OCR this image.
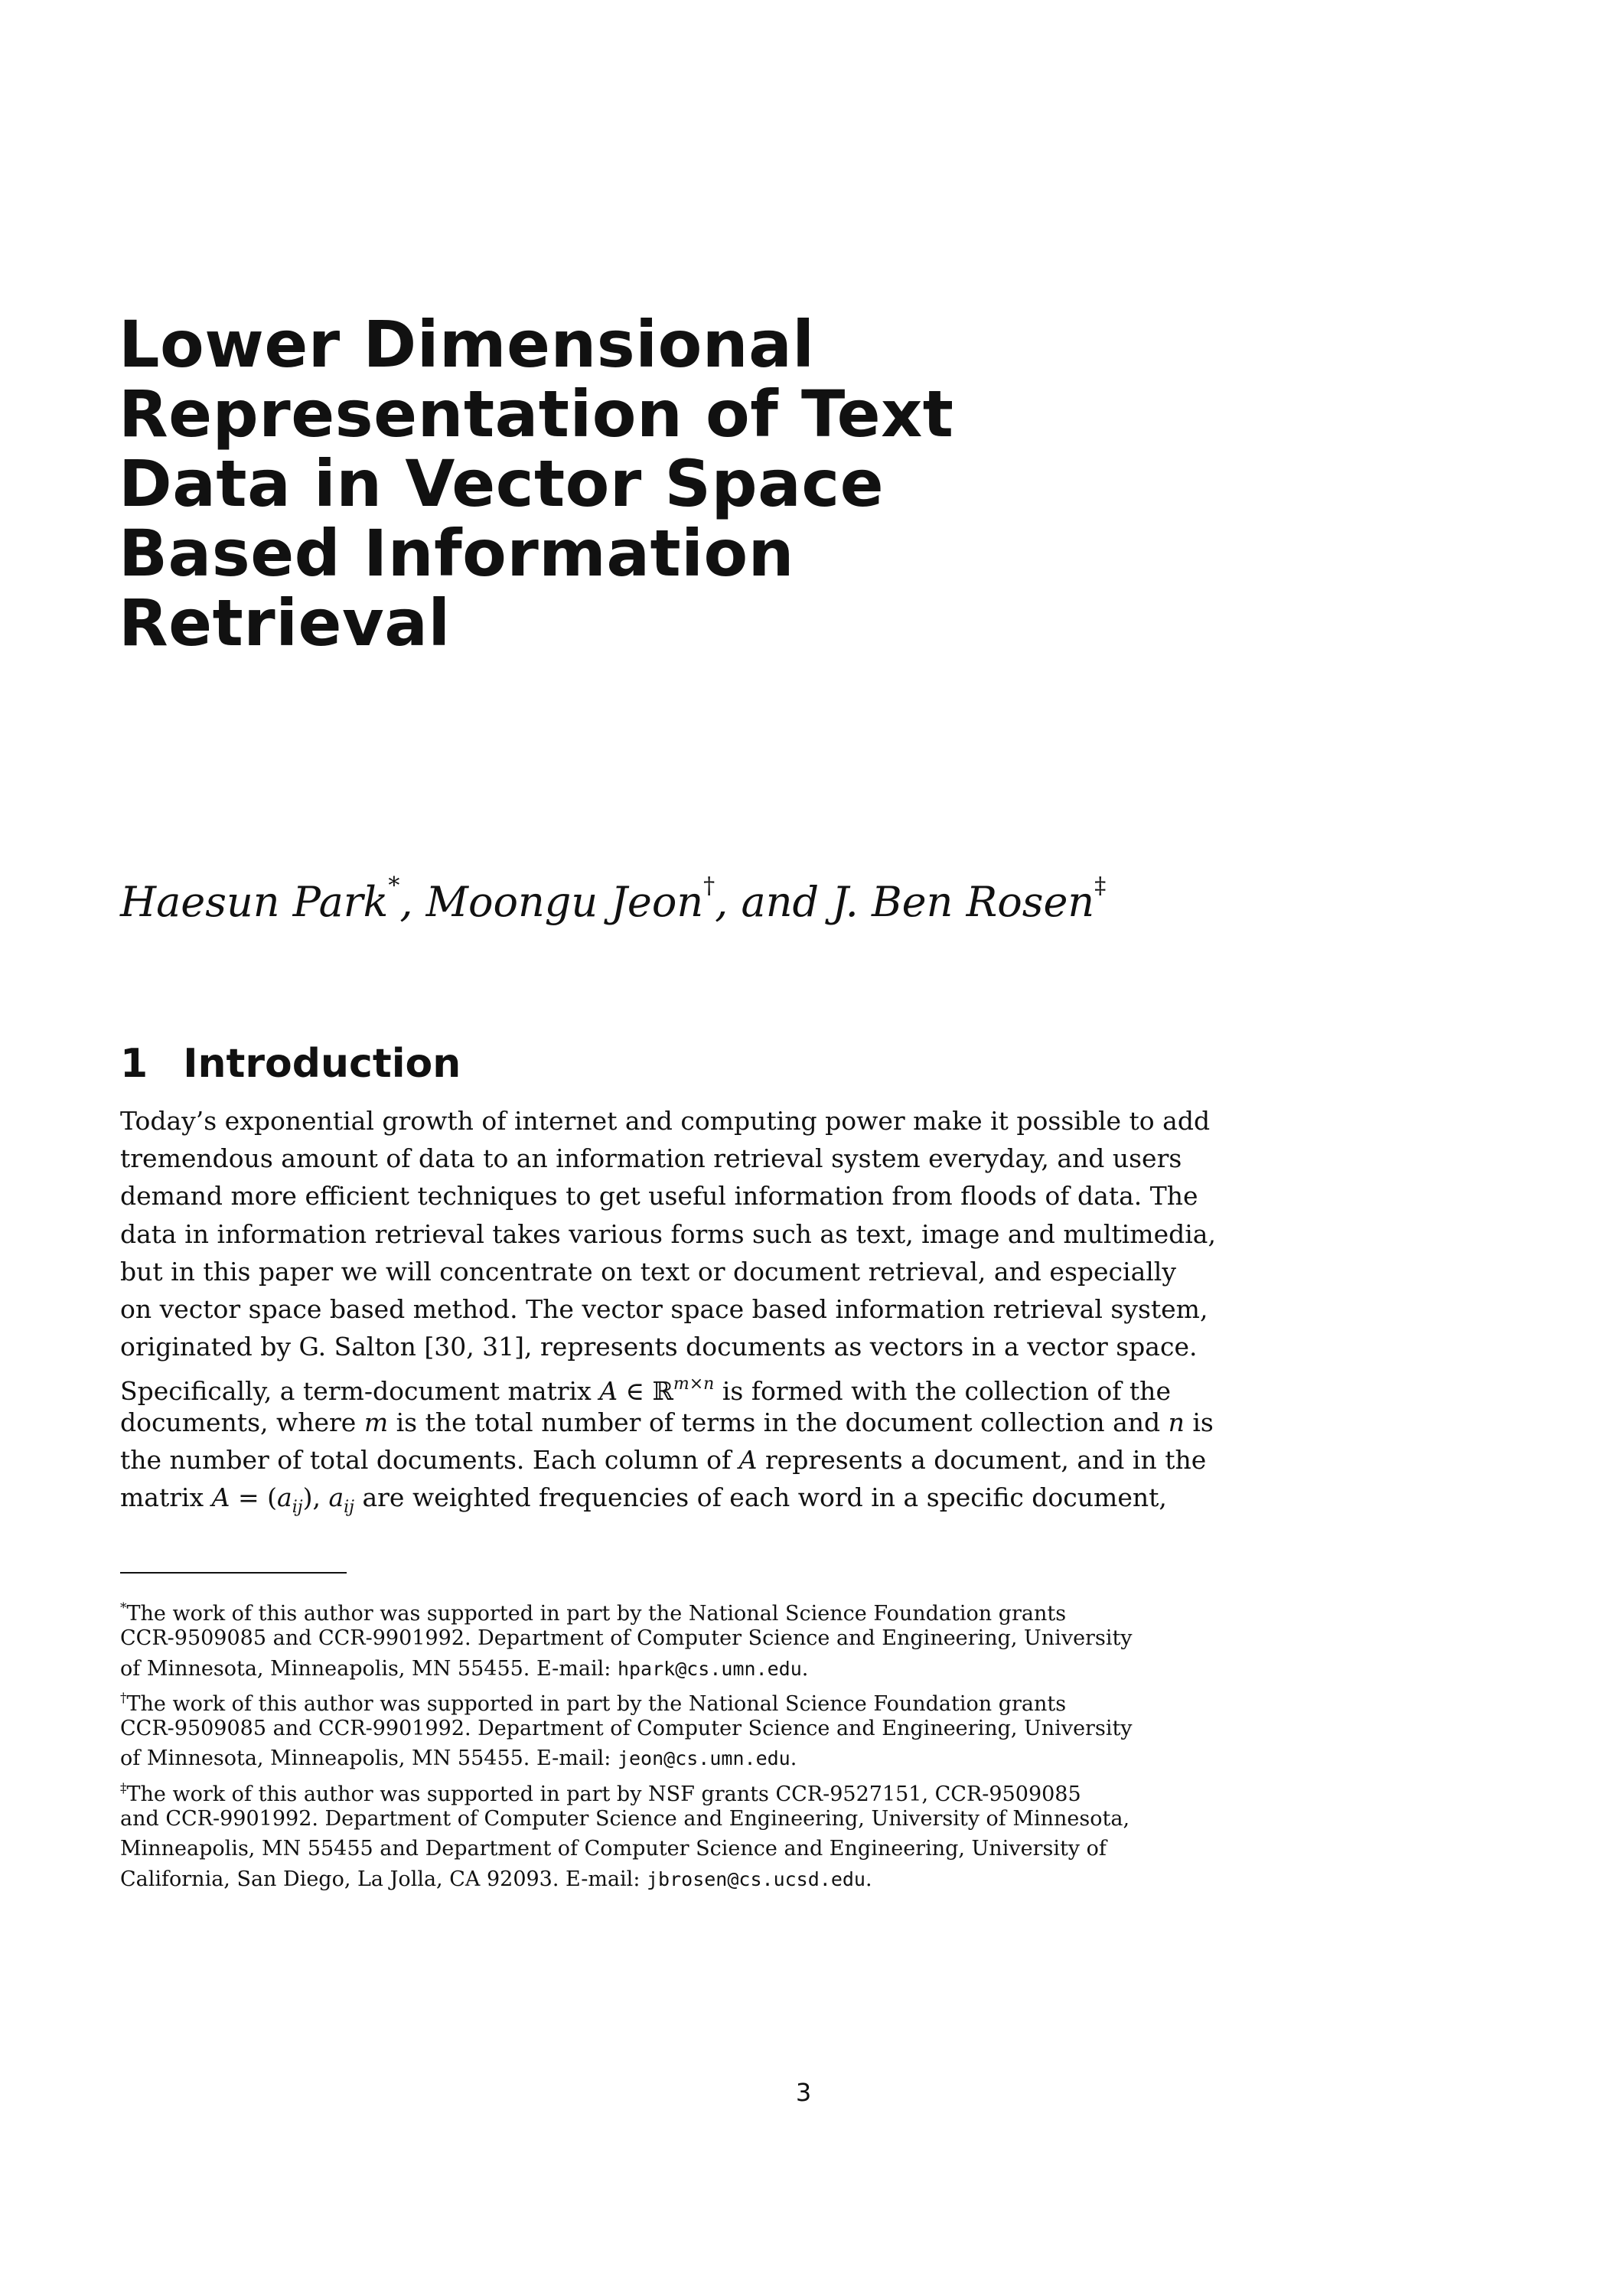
Lower Dimensional
Representation of Text
Data in Vector Space
Based Information
Retrieval
Haesun Park*, Moongu Jeon†, and J. Ben Rosen‡
1 Introduction
Today’s exponential growth of internet and computing power make it possible to add
tremendous amount of data to an information retrieval system everyday, and users
demand more efficient techniques to get useful information from floods of data. The
data in information retrieval takes various forms such as text, image and multimedia,
but in this paper we will concentrate on text or document retrieval, and especially
on vector space based method. The vector space based information retrieval system,
originated by G. Salton [30, 31], represents documents as vectors in a vector space.
Specifically, a term-document matrix A ∈ ℝ$^{m\times n}$ is formed with the collection of the
documents, where m is the total number of terms in the document collection and n is
the number of total documents. Each column of A represents a document, and in the
matrix $A = (a_{ij})$, $a_{ij}$ are weighted frequencies of each word in a specific document,
*The work of this author was supported in part by the National Science Foundation grants
CCR-9509085 and CCR-9901992. Department of Computer Science and Engineering, University
of Minnesota, Minneapolis, MN 55455. E-mail: hpark@cs.umn.edu.
†The work of this author was supported in part by the National Science Foundation grants
CCR-9509085 and CCR-9901992. Department of Computer Science and Engineering, University
of Minnesota, Minneapolis, MN 55455. E-mail: jeon@cs.umn.edu.
‡The work of this author was supported in part by NSF grants CCR-9527151, CCR-9509085
and CCR-9901992. Department of Computer Science and Engineering, University of Minnesota,
Minneapolis, MN 55455 and Department of Computer Science and Engineering, University of
California, San Diego, La Jolla, CA 92093. E-mail: jbrosen@cs.ucsd.edu.
3
